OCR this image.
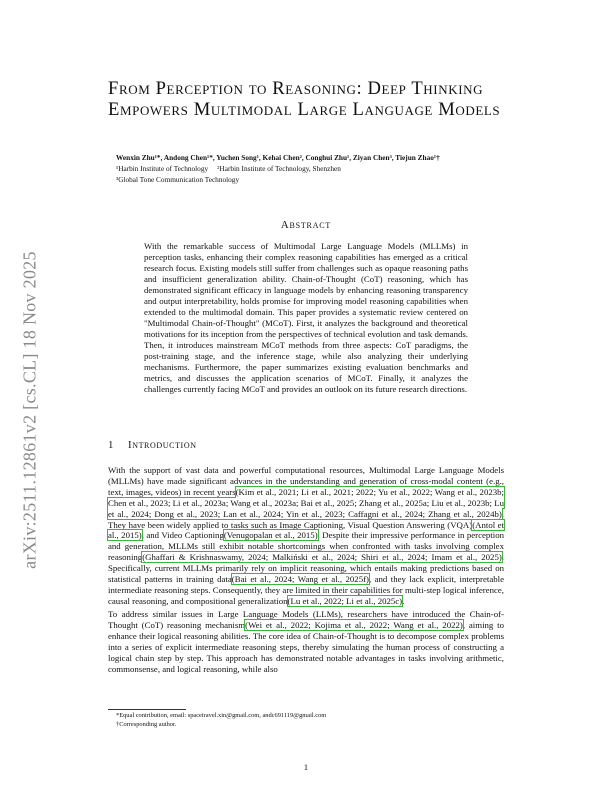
arXiv:2511.12861v2 [cs.CL] 18 Nov 2025
From Perception to Reasoning: Deep Thinking Empowers Multimodal Large Language Models
Wenxin Zhu¹*, Andong Chen¹*, Yuchen Song¹, Kehai Chen², Conghui Zhu¹, Ziyan Chen³, Tiejun Zhao¹†
¹Harbin Institute of Technology     ²Harbin Institute of Technology, Shenzhen
³Global Tone Communication Technology
Abstract
With the remarkable success of Multimodal Large Language Models (MLLMs) in perception tasks, enhancing their complex reasoning capabilities has emerged as a critical research focus. Existing models still suffer from challenges such as opaque reasoning paths and insufficient generalization ability. Chain-of-Thought (CoT) reasoning, which has demonstrated significant efficacy in language models by enhancing reasoning transparency and output interpretability, holds promise for improving model reasoning capabilities when extended to the multimodal domain. This paper provides a systematic review centered on "Multimodal Chain-of-Thought" (MCoT). First, it analyzes the background and theoretical motivations for its inception from the perspectives of technical evolution and task demands. Then, it introduces mainstream MCoT methods from three aspects: CoT paradigms, the post-training stage, and the inference stage, while also analyzing their underlying mechanisms. Furthermore, the paper summarizes existing evaluation benchmarks and metrics, and discusses the application scenarios of MCoT. Finally, it analyzes the challenges currently facing MCoT and provides an outlook on its future research directions.
1 Introduction
With the support of vast data and powerful computational resources, Multimodal Large Language Models (MLLMs) have made significant advances in the understanding and generation of cross-modal content (e.g., text, images, videos) in recent years(Kim et al., 2021; Li et al., 2021; 2022; Yu et al., 2022; Wang et al., 2023b; Chen et al., 2023; Li et al., 2023a; Wang et al., 2023a; Bai et al., 2025; Zhang et al., 2025a; Liu et al., 2023b; Lu et al., 2024; Dong et al., 2023; Lan et al., 2024; Yin et al., 2023; Caffagni et al., 2024; Zhang et al., 2024b). They have been widely applied to tasks such as Image Captioning, Visual Question Answering (VQA)(Antol et al., 2015), and Video Captioning(Venugopalan et al., 2015). Despite their impressive performance in perception and generation, MLLMs still exhibit notable shortcomings when confronted with tasks involving complex reasoning(Ghaffari & Krishnaswamy, 2024; Malkiński et al., 2024; Shiri et al., 2024; Imam et al., 2025). Specifically, current MLLMs primarily rely on implicit reasoning, which entails making predictions based on statistical patterns in training data(Bai et al., 2024; Wang et al., 2025f), and they lack explicit, interpretable intermediate reasoning steps. Consequently, they are limited in their capabilities for multi-step logical inference, causal reasoning, and compositional generalization(Lu et al., 2022; Li et al., 2025c).
To address similar issues in Large Language Models (LLMs), researchers have introduced the Chain-of-Thought (CoT) reasoning mechanism(Wei et al., 2022; Kojima et al., 2022; Wang et al., 2022), aiming to enhance their logical reasoning abilities. The core idea of Chain-of-Thought is to decompose complex problems into a series of explicit intermediate reasoning steps, thereby simulating the human process of constructing a logical chain step by step. This approach has demonstrated notable advantages in tasks involving arithmetic, commonsense, and logical reasoning, while also
*Equal contribution, email: spacetravel.xin@gmail.com, andc691119@gmail.com
†Corresponding author.
1
